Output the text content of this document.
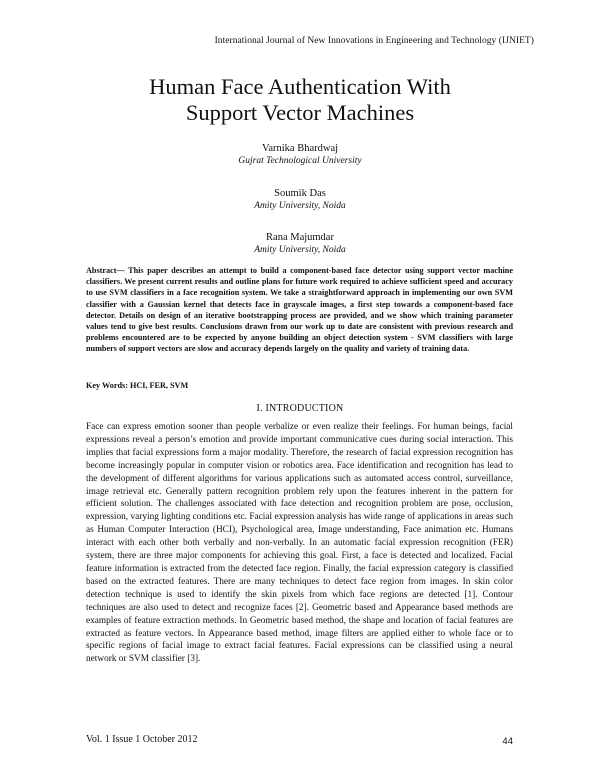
International Journal of New Innovations in Engineering and Technology (IJNIET)
Human Face Authentication With
Support Vector Machines
Varnika Bhardwaj
Gujrat Technological University
Soumik Das
Amity University, Noida
Rana Majumdar
Amity University, Noida

Abstract— This paper describes an attempt to build a component-based face detector using support vector machine classifiers. We present current results and outline plans for future work required to achieve sufficient speed and accuracy to use SVM classifiers in a face recognition system. We take a straightforward approach in implementing our own SVM classifier with a Gaussian kernel that detects face in grayscale images, a first step towards a component-based face detector. Details on design of an iterative bootstrapping process are provided, and we show which training parameter values tend to give best results. Conclusions drawn from our work up to date are consistent with previous research and problems encountered are to be expected by anyone building an object detection system - SVM classifiers with large numbers of support vectors are slow and accuracy depends largely on the quality and variety of training data.

Key Words: HCI, FER, SVM
I. INTRODUCTION

Face can express emotion sooner than people verbalize or even realize their feelings. For human beings, facial expressions reveal a person’s emotion and provide important communicative cues during social interaction. This implies that facial expressions form a major modality. Therefore, the research of facial expression recognition has become increasingly popular in computer vision or robotics area. Face identification and recognition has lead to the development of different algorithms for various applications such as automated access control, surveillance, image retrieval etc. Generally pattern recognition problem rely upon the features inherent in the pattern for efficient solution. The challenges associated with face detection and recognition problem are pose, occlusion, expression, varying lighting conditions etc. Facial expression analysis has wide range of applications in areas such as Human Computer Interaction (HCI), Psychological area, Image understanding, Face animation etc. Humans interact with each other both verbally and non-verbally. In an automatic facial expression recognition (FER) system, there are three major components for achieving this goal. First, a face is detected and localized. Facial feature information is extracted from the detected face region. Finally, the facial expression category is classified based on the extracted features. There are many techniques to detect face region from images. In skin color detection technique is used to identify the skin pixels from which face regions are detected [1]. Contour techniques are also used to detect and recognize faces [2]. Geometric based and Appearance based methods are examples of feature extraction methods. In Geometric based method, the shape and location of facial features are extracted as feature vectors. In Appearance based method, image filters are applied either to whole face or to specific regions of facial image to extract facial features. Facial expressions can be classified using a neural network or SVM classifier [3].

Vol. 1 Issue 1 October 2012	44
